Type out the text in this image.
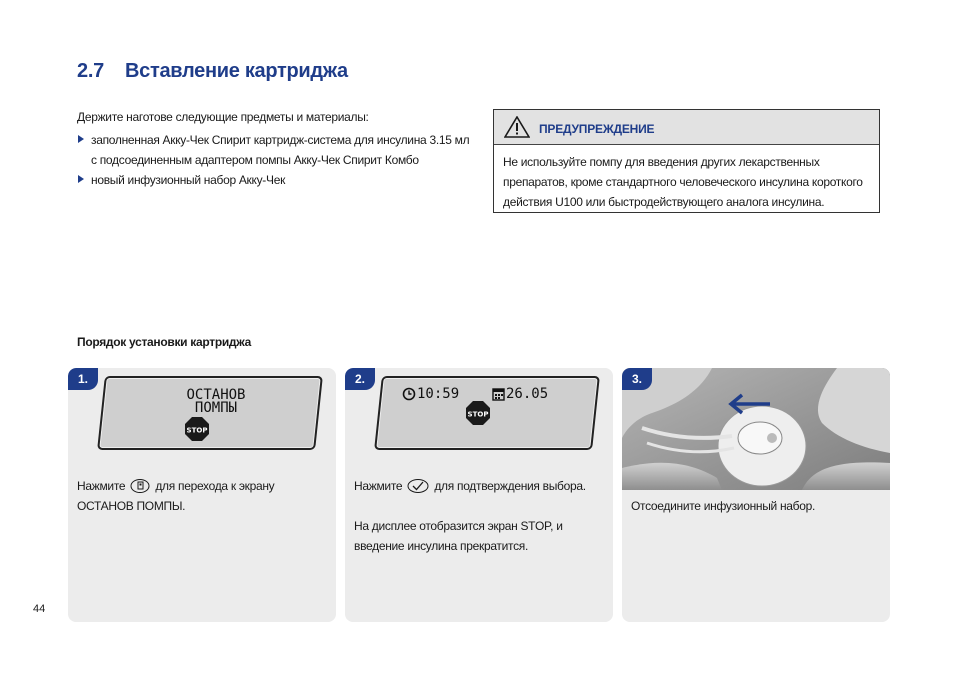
2.7 Вставление картриджа
Держите наготове следующие предметы и материалы:
заполненная Акку-Чек Спирит картридж-система для инсулина 3.15 мл с подсоединенным адаптером помпы Акку-Чек Спирит Комбо
новый инфузионный набор Акку-Чек
ПРЕДУПРЕЖДЕНИЕ
Не используйте помпу для введения других лекарственных препаратов, кроме стандартного человеческого инсулина короткого действия U100 или быстродействующего аналога инсулина.
Порядок установки картриджа
1.
ОСТАНОВ
ПОМПЫ
STOP
Нажмите	для перехода к экрану ОСТАНОВ ПОМПЫ.
2.
10:59	26.05
STOP
Нажмите	для подтверждения выбора.
На дисплее отобразится экран STOP, и введение инсулина прекратится.
3.
Отсоедините инфузионный набор.
44
